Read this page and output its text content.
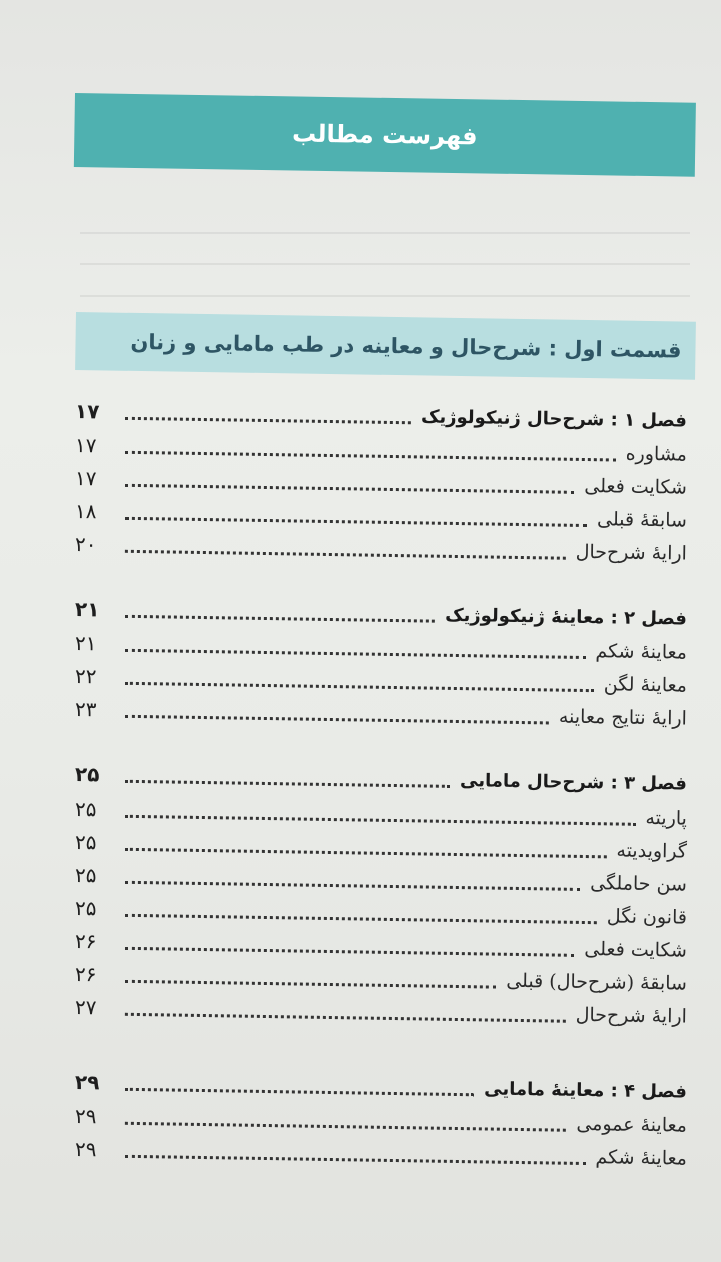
فهرست مطالب
قسمت اول : شرح‌حال و معاینه در طب مامایی و زنان
فصل ۱ : شرح‌حال ژنیکولوژیک
۱۷
مشاوره
۱۷
شکایت فعلی
۱۷
سابقهٔ قبلی
۱۸
ارایهٔ شرح‌حال
۲۰
فصل ۲ : معاینهٔ ژنیکولوژیک
۲۱
معاینهٔ شکم
۲۱
معاینهٔ لگن
۲۲
ارایهٔ نتایج معاینه
۲۳
فصل ۳ : شرح‌حال مامایی
۲۵
پاریته
۲۵
گراویدیته
۲۵
سن حاملگی
۲۵
قانون نگل
۲۵
شکایت فعلی
۲۶
سابقهٔ (شرح‌حال) قبلی
۲۶
ارایهٔ شرح‌حال
۲۷
فصل ۴ : معاینهٔ مامایی
۲۹
معاینهٔ عمومی
۲۹
معاینهٔ شکم
۲۹
